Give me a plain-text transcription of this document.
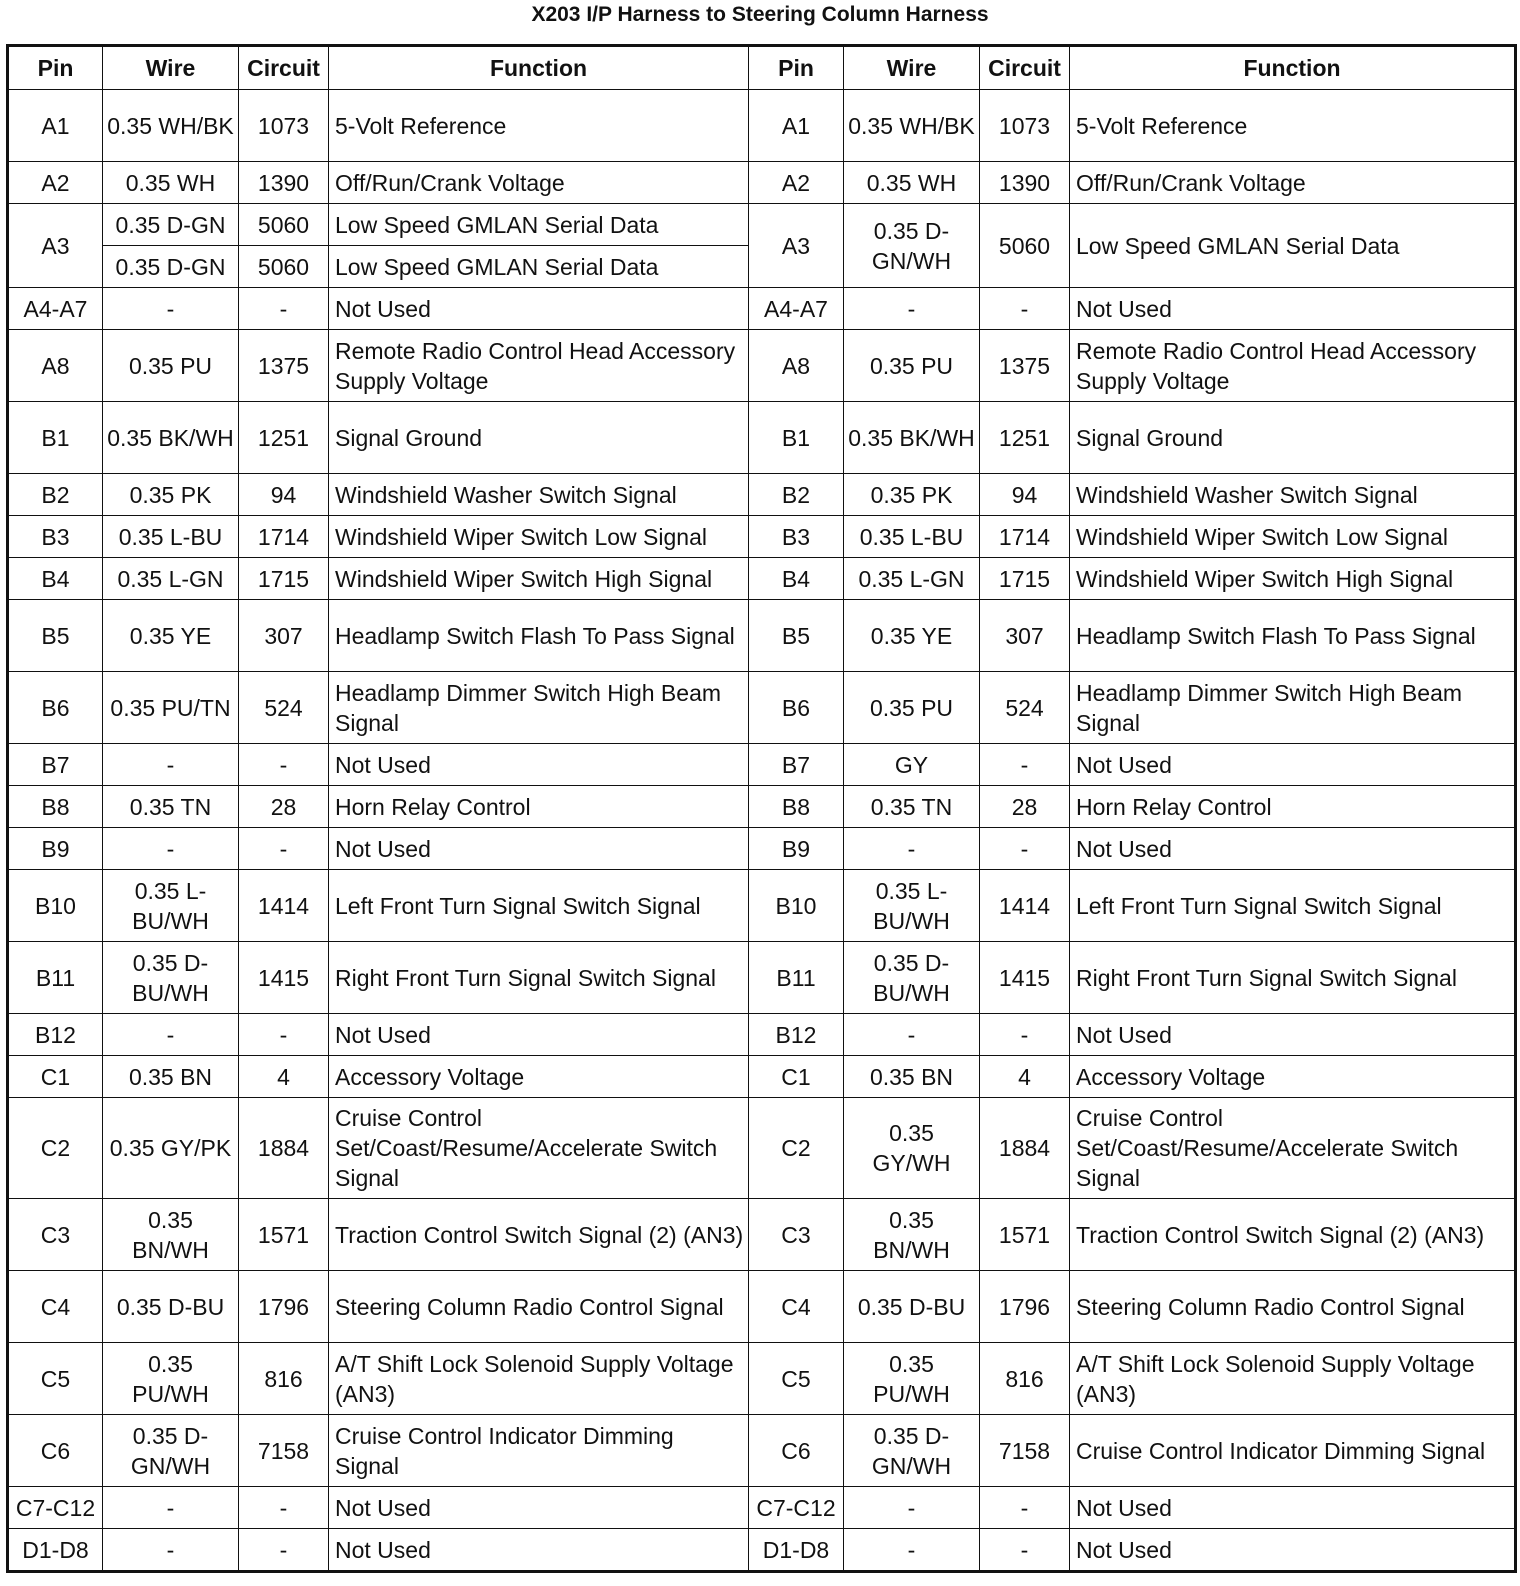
X203 I/P Harness to Steering Column Harness
Pin	Wire	Circuit	Function	Pin	Wire	Circuit	Function
A1	0.35 WH/BK	1073	5-Volt Reference	A1	0.35 WH/BK	1073	5-Volt Reference
A2	0.35 WH	1390	Off/Run/Crank Voltage	A2	0.35 WH	1390	Off/Run/Crank Voltage
A3	0.35 D-GN	5060	Low Speed GMLAN Serial Data	A3	0.35 D-GN/WH	5060	Low Speed GMLAN Serial Data
	0.35 D-GN	5060	Low Speed GMLAN Serial Data				
A4-A7	-	-	Not Used	A4-A7	-	-	Not Used
A8	0.35 PU	1375	Remote Radio Control Head Accessory Supply Voltage	A8	0.35 PU	1375	Remote Radio Control Head Accessory Supply Voltage
B1	0.35 BK/WH	1251	Signal Ground	B1	0.35 BK/WH	1251	Signal Ground
B2	0.35 PK	94	Windshield Washer Switch Signal	B2	0.35 PK	94	Windshield Washer Switch Signal
B3	0.35 L-BU	1714	Windshield Wiper Switch Low Signal	B3	0.35 L-BU	1714	Windshield Wiper Switch Low Signal
B4	0.35 L-GN	1715	Windshield Wiper Switch High Signal	B4	0.35 L-GN	1715	Windshield Wiper Switch High Signal
B5	0.35 YE	307	Headlamp Switch Flash To Pass Signal	B5	0.35 YE	307	Headlamp Switch Flash To Pass Signal
B6	0.35 PU/TN	524	Headlamp Dimmer Switch High Beam Signal	B6	0.35 PU	524	Headlamp Dimmer Switch High Beam Signal
B7	-	-	Not Used	B7	GY	-	Not Used
B8	0.35 TN	28	Horn Relay Control	B8	0.35 TN	28	Horn Relay Control
B9	-	-	Not Used	B9	-	-	Not Used
B10	0.35 L-BU/WH	1414	Left Front Turn Signal Switch Signal	B10	0.35 L-BU/WH	1414	Left Front Turn Signal Switch Signal
B11	0.35 D-BU/WH	1415	Right Front Turn Signal Switch Signal	B11	0.35 D-BU/WH	1415	Right Front Turn Signal Switch Signal
B12	-	-	Not Used	B12	-	-	Not Used
C1	0.35 BN	4	Accessory Voltage	C1	0.35 BN	4	Accessory Voltage
C2	0.35 GY/PK	1884	Cruise Control Set/Coast/Resume/Accelerate Switch Signal	C2	0.35 GY/WH	1884	Cruise Control Set/Coast/Resume/Accelerate Switch Signal
C3	0.35 BN/WH	1571	Traction Control Switch Signal (2) (AN3)	C3	0.35 BN/WH	1571	Traction Control Switch Signal (2) (AN3)
C4	0.35 D-BU	1796	Steering Column Radio Control Signal	C4	0.35 D-BU	1796	Steering Column Radio Control Signal
C5	0.35 PU/WH	816	A/T Shift Lock Solenoid Supply Voltage (AN3)	C5	0.35 PU/WH	816	A/T Shift Lock Solenoid Supply Voltage (AN3)
C6	0.35 D-GN/WH	7158	Cruise Control Indicator Dimming Signal	C6	0.35 D-GN/WH	7158	Cruise Control Indicator Dimming Signal
C7-C12	-	-	Not Used	C7-C12	-	-	Not Used
D1-D8	-	-	Not Used	D1-D8	-	-	Not Used
